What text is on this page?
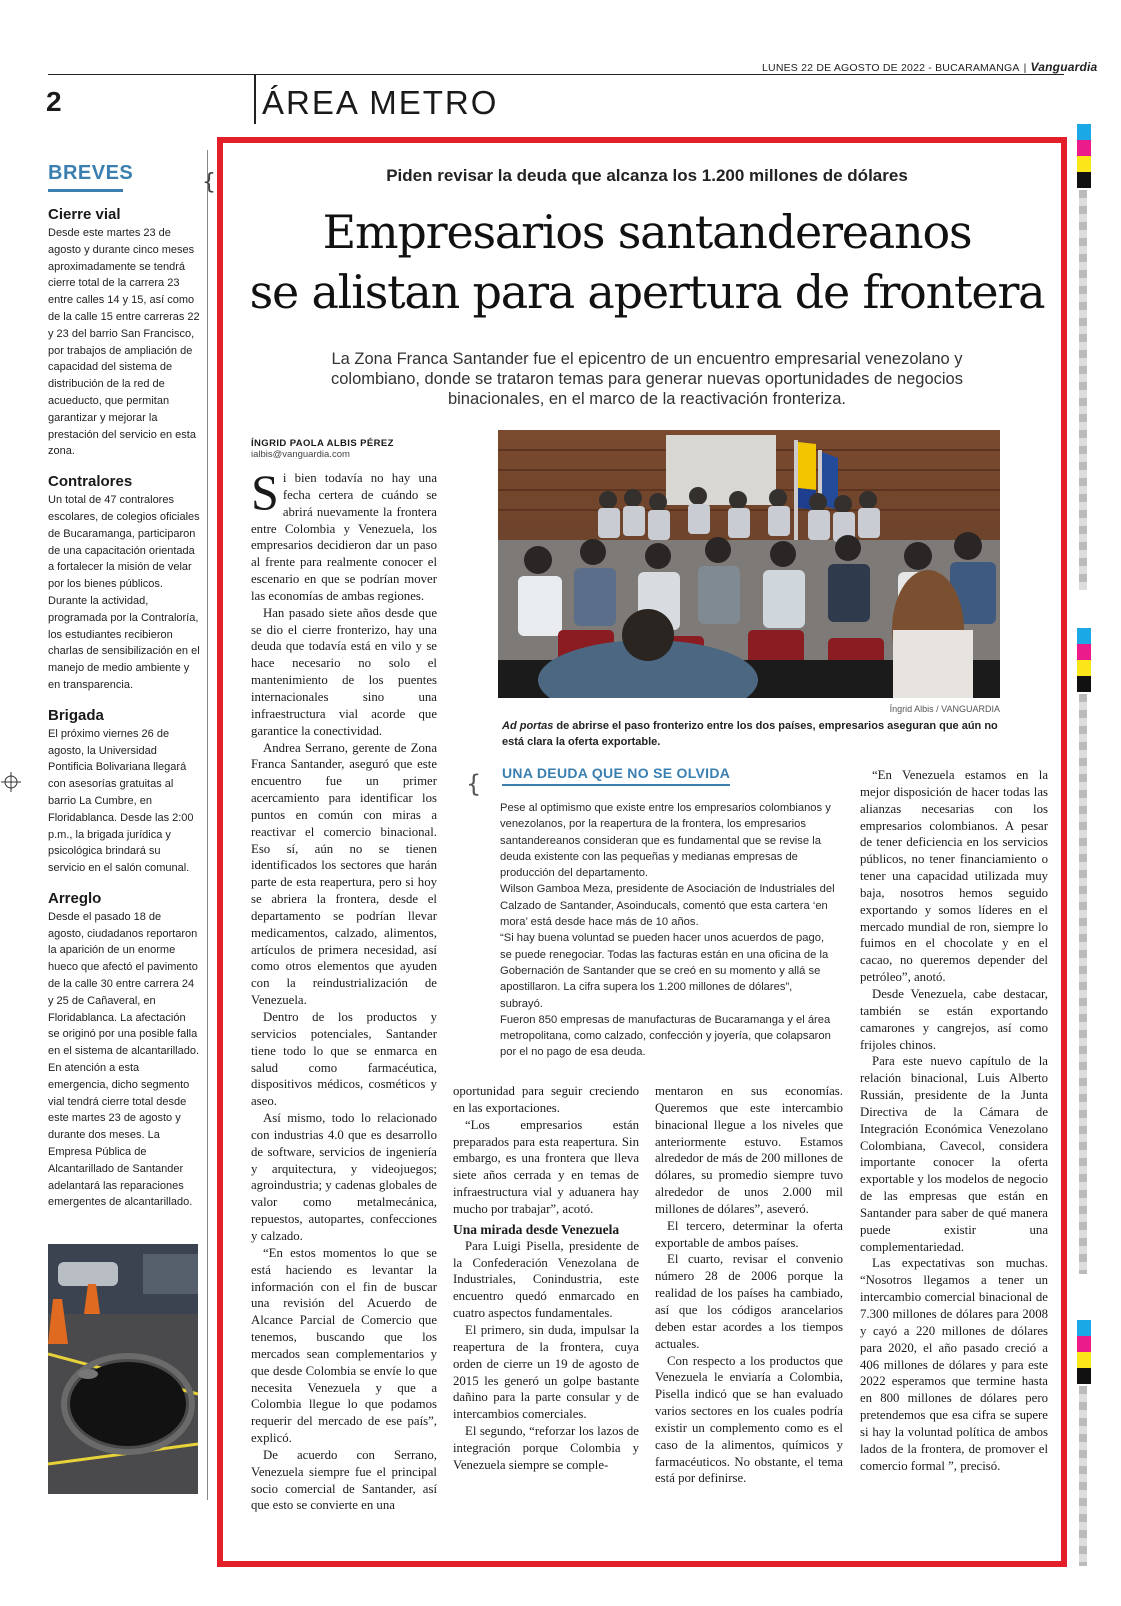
LUNES 22 DE AGOSTO DE 2022 - BUCARAMANGA | Vanguardia
2	ÁREA METRO
BREVES
Cierre vial

Desde este martes 23 de agosto y durante cinco meses aproximadamente se tendrá cierre total de la carrera 23 entre calles 14 y 15, así como de la calle 15 entre carreras 22 y 23 del barrio San Francisco, por trabajos de ampliación de capacidad del sistema de distribución de la red de acueducto, que permitan garantizar y mejorar la prestación del servicio en esta zona.

Contralores

Un total de 47 contralores escolares, de colegios oficiales de Bucaramanga, participaron de una capacitación orientada a fortalecer la misión de velar por los bienes públicos.

Durante la actividad, programada por la Contraloría, los estudiantes recibieron charlas de sensibilización en el manejo de medio ambiente y en transparencia.

Brigada

El próximo viernes 26 de agosto, la Universidad Pontificia Bolivariana llegará con asesorías gratuitas al barrio La Cumbre, en Floridablanca. Desde las 2:00 p.m., la brigada jurídica y psicológica brindará su servicio en el salón comunal.

Arreglo

Desde el pasado 18 de agosto, ciudadanos reportaron la aparición de un enorme hueco que afectó el pavimento de la calle 30 entre carrera 24 y 25 de Cañaveral, en Floridablanca. La afectación se originó por una posible falla en el sistema de alcantarillado.

En atención a esta emergencia, dicho segmento vial tendrá cierre total desde este martes 23 de agosto y durante dos meses. La Empresa Pública de Alcantarillado de Santander adelantará las reparaciones emergentes de alcantarillado.

{	Piden revisar la deuda que alcanza los 1.200 millones de dólares
Empresarios santandereanos
se alistan para apertura de frontera
La Zona Franca Santander fue el epicentro de un encuentro empresarial venezolano y colombiano, donde se trataron temas para generar nuevas oportunidades de negocios binacionales, en el marco de la reactivación fronteriza.
ÍNGRID PAOLA ALBIS PÉREZ
ialbis@vanguardia.com
Íngrid Albis / VANGUARDIA
Ad portas de abrirse el paso fronterizo entre los dos países, empresarios aseguran que aún no está clara la oferta exportable.

Si bien todavía no hay una fecha certera de cuándo se abrirá nuevamente la frontera entre Colombia y Venezuela, los empresarios decidieron dar un paso al frente para realmente conocer el escenario en que se podrían mover las economías de ambas regiones.

Han pasado siete años desde que se dio el cierre fronterizo, hay una deuda que todavía está en vilo y se hace necesario no solo el mantenimiento de los puentes internacionales sino una infraestructura vial acorde que garantice la conectividad.

Andrea Serrano, gerente de Zona Franca Santander, aseguró que este encuentro fue un primer acercamiento para identificar los puntos en común con miras a reactivar el comercio binacional. Eso sí, aún no se tienen identificados los sectores que harán parte de esta reapertura, pero si hoy se abriera la frontera, desde el departamento se podrían llevar medicamentos, calzado, alimentos, artículos de primera necesidad, así como otros elementos que ayuden con la reindustrialización de Venezuela.

Dentro de los productos y servicios potenciales, Santander tiene todo lo que se enmarca en salud como farmacéutica, dispositivos médicos, cosméticos y aseo.

Así mismo, todo lo relacionado con industrias 4.0 que es desarrollo de software, servicios de ingeniería y arquitectura, y videojuegos; agroindustria; y cadenas globales de valor como metalmecánica, repuestos, autopartes, confecciones y calzado.

“En estos momentos lo que se está haciendo es levantar la información con el fin de buscar una revisión del Acuerdo de Alcance Parcial de Comercio que tenemos, buscando que los mercados sean complementarios y que desde Colombia se envíe lo que necesita Venezuela y que a Colombia llegue lo que podamos requerir del mercado de ese país”, explicó.

De acuerdo con Serrano, Venezuela siempre fue el principal socio comercial de Santander, así que esto se convierte en una

{ UNA DEUDA QUE NO SE OLVIDA

Pese al optimismo que existe entre los empresarios colombianos y venezolanos, por la reapertura de la frontera, los empresarios santandereanos consideran que es fundamental que se revise la deuda existente con las pequeñas y medianas empresas de producción del departamento.

Wilson Gamboa Meza, presidente de Asociación de Industriales del Calzado de Santander, Asoinducals, comentó que esta cartera ‘en mora’ está desde hace más de 10 años.

“Si hay buena voluntad se pueden hacer unos acuerdos de pago, se puede renegociar. Todas las facturas están en una oficina de la Gobernación de Santander que se creó en su momento y allá se apostillaron. La cifra supera los 1.200 millones de dólares”, subrayó.

Fueron 850 empresas de manufacturas de Bucaramanga y el área metropolitana, como calzado, confección y joyería, que colapsaron por el no pago de esa deuda.

oportunidad para seguir creciendo en las exportaciones.

“Los empresarios están preparados para esta reapertura. Sin embargo, es una frontera que lleva siete años cerrada y en temas de infraestructura vial y aduanera hay mucho por trabajar”, acotó.

Una mirada desde Venezuela

Para Luigi Pisella, presidente de la Confederación Venezolana de Industriales, Conindustria, este encuentro quedó enmarcado en cuatro aspectos fundamentales.

El primero, sin duda, impulsar la reapertura de la frontera, cuya orden de cierre un 19 de agosto de 2015 les generó un golpe bastante dañino para la parte consular y de intercambios comerciales.

El segundo, “reforzar los lazos de integración porque Colombia y Venezuela siempre se comple-

mentaron en sus economías. Queremos que este intercambio binacional llegue a los niveles que anteriormente estuvo. Estamos alrededor de más de 200 millones de dólares, su promedio siempre tuvo alrededor de unos 2.000 mil millones de dólares”, aseveró.

El tercero, determinar la oferta exportable de ambos países.

El cuarto, revisar el convenio número 28 de 2006 porque la realidad de los países ha cambiado, así que los códigos arancelarios deben estar acordes a los tiempos actuales.

Con respecto a los productos que Venezuela le enviaría a Colombia, Pisella indicó que se han evaluado varios sectores en los cuales podría existir un complemento como es el caso de la alimentos, químicos y farmacéuticos. No obstante, el tema está por definirse.

“En Venezuela estamos en la mejor disposición de hacer todas las alianzas necesarias con los empresarios colombianos. A pesar de tener deficiencia en los servicios públicos, no tener financiamiento o tener una capacidad utilizada muy baja, nosotros hemos seguido exportando y somos líderes en el mercado mundial de ron, siempre lo fuimos en el chocolate y en el cacao, no queremos depender del petróleo”, anotó.

Desde Venezuela, cabe destacar, también se están exportando camarones y cangrejos, así como frijoles chinos.

Para este nuevo capítulo de la relación binacional, Luis Alberto Russián, presidente de la Junta Directiva de la Cámara de Integración Económica Venezolano Colombiana, Cavecol, considera importante conocer la oferta exportable y los modelos de negocio de las empresas que están en Santander para saber de qué manera puede existir una complementariedad.

Las expectativas son muchas. “Nosotros llegamos a tener un intercambio comercial binacional de 7.300 millones de dólares para 2008 y cayó a 220 millones de dólares para 2020, el año pasado creció a 406 millones de dólares y para este 2022 esperamos que termine hasta en 800 millones de dólares pero pretendemos que esa cifra se supere si hay la voluntad política de ambos lados de la frontera, de promover el comercio formal ”, precisó.
